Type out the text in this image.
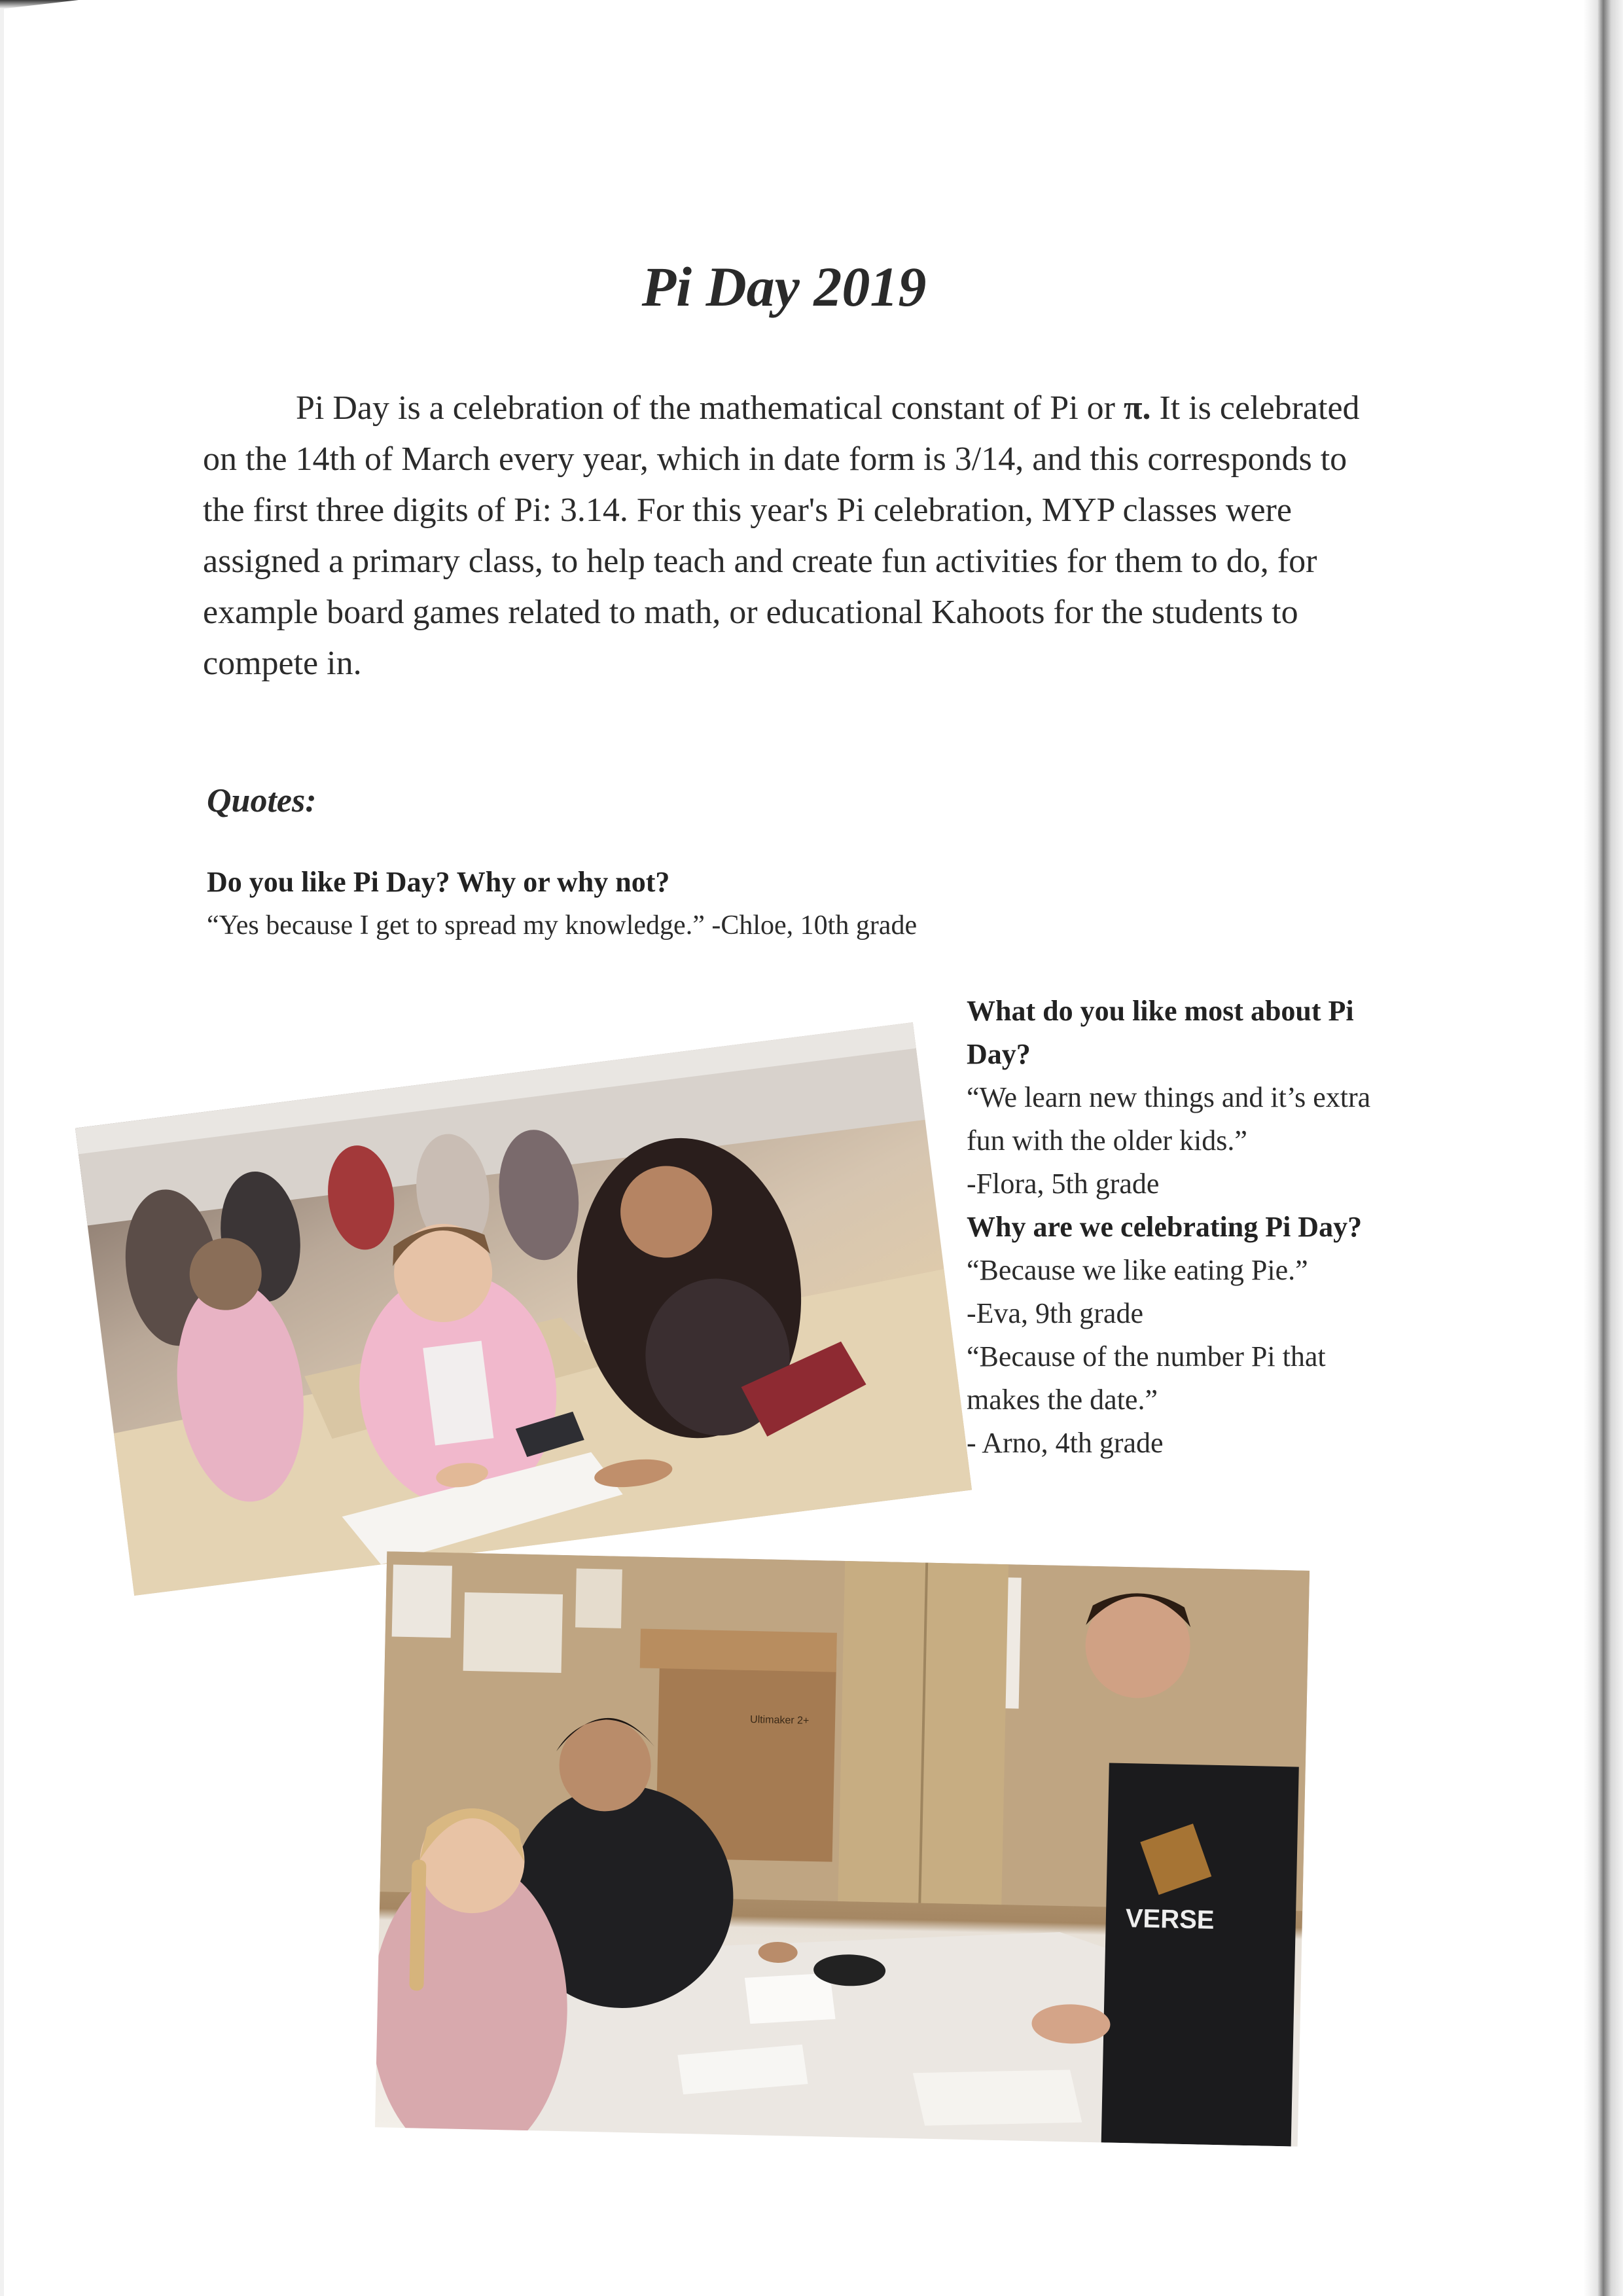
Pi Day 2019

Pi Day is a celebration of the mathematical constant of Pi or π. It is celebrated on the 14th of March every year, which in date form is 3/14, and this corresponds to the first three digits of Pi: 3.14. For this year's Pi celebration, MYP classes were assigned a primary class, to help teach and create fun activities for them to do, for example board games related to math, or educational Kahoots for the students to compete in.

Quotes:
Do you like Pi Day? Why or why not?
“Yes because I get to spread my knowledge.” -Chloe, 10th grade
Ultimaker 2+
VERSE
What do you like most about Pi Day?
“We learn new things and it’s extra fun with the older kids.”
-Flora, 5th grade
Why are we celebrating Pi Day?
“Because we like eating Pie.”
-Eva, 9th grade
“Because of the number Pi that makes the date.”
- Arno, 4th grade
